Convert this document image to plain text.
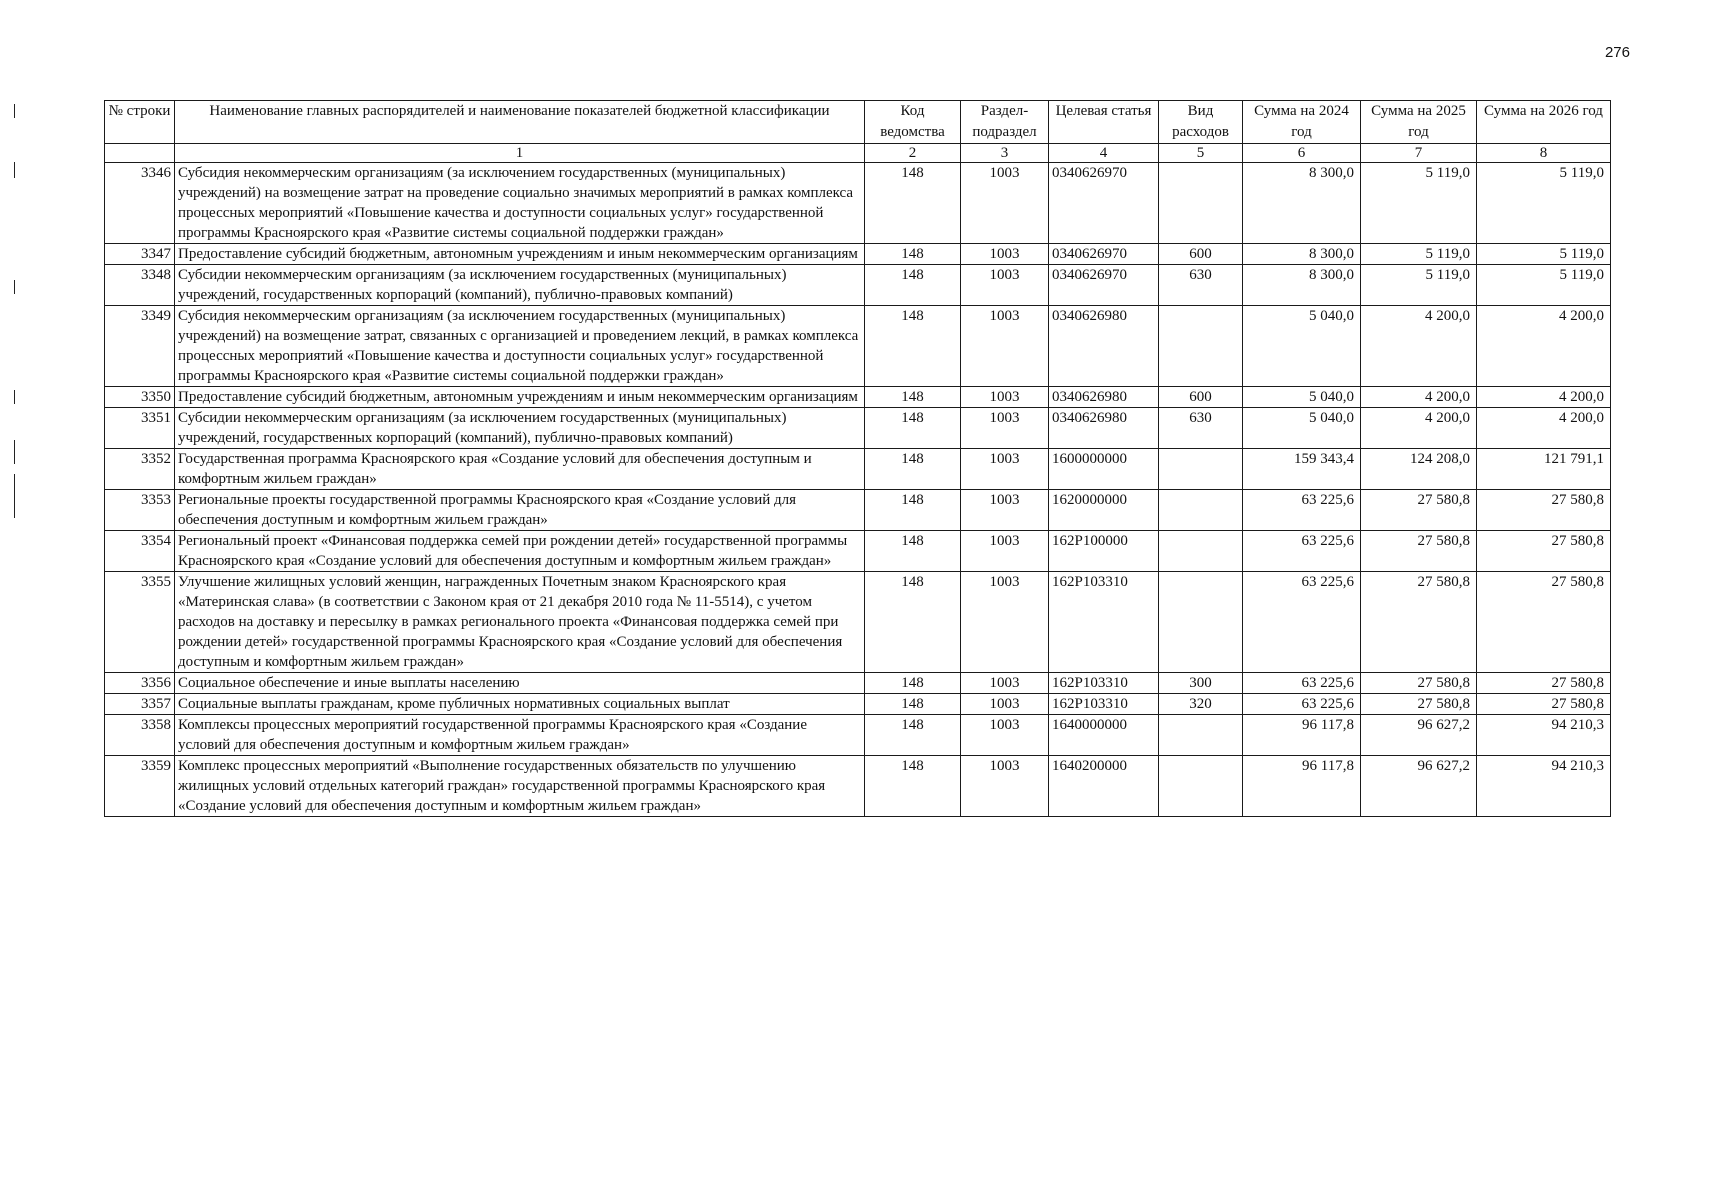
276
№ строки	Наименование главных распорядителей и наименование показателей бюджетной классификации	Код ведомства	Раздел-подраздел	Целевая статья	Вид расходов	Сумма на 2024 год	Сумма на 2025 год	Сумма на 2026 год
	1	2	3	4	5	6	7	8
3346	Субсидия некоммерческим организациям (за исключением государственных (муниципальных) учреждений) на возмещение затрат на проведение социально значимых мероприятий в рамках комплекса процессных мероприятий «Повышение качества и доступности социальных услуг» государственной программы Красноярского края «Развитие системы социальной поддержки граждан»	148	1003	0340626970		8 300,0	5 119,0	5 119,0
3347	Предоставление субсидий бюджетным, автономным учреждениям и иным некоммерческим организациям	148	1003	0340626970	600	8 300,0	5 119,0	5 119,0
3348	Субсидии некоммерческим организациям (за исключением государственных (муниципальных) учреждений, государственных корпораций (компаний), публично-правовых компаний)	148	1003	0340626970	630	8 300,0	5 119,0	5 119,0
3349	Субсидия некоммерческим организациям (за исключением государственных (муниципальных) учреждений) на возмещение затрат, связанных с организацией и проведением лекций, в рамках комплекса процессных мероприятий «Повышение качества и доступности социальных услуг» государственной программы Красноярского края «Развитие системы социальной поддержки граждан»	148	1003	0340626980		5 040,0	4 200,0	4 200,0
3350	Предоставление субсидий бюджетным, автономным учреждениям и иным некоммерческим организациям	148	1003	0340626980	600	5 040,0	4 200,0	4 200,0
3351	Субсидии некоммерческим организациям (за исключением государственных (муниципальных) учреждений, государственных корпораций (компаний), публично-правовых компаний)	148	1003	0340626980	630	5 040,0	4 200,0	4 200,0
3352	Государственная программа Красноярского края «Создание условий для обеспечения доступным и комфортным жильем граждан»	148	1003	1600000000		159 343,4	124 208,0	121 791,1
3353	Региональные проекты государственной программы Красноярского края «Создание условий для обеспечения доступным и комфортным жильем граждан»	148	1003	1620000000		63 225,6	27 580,8	27 580,8
3354	Региональный проект «Финансовая поддержка семей при рождении детей» государственной программы Красноярского края «Создание условий для обеспечения доступным и комфортным жильем граждан»	148	1003	162P100000		63 225,6	27 580,8	27 580,8
3355	Улучшение жилищных условий женщин, награжденных Почетным знаком Красноярского края «Материнская слава» (в соответствии с Законом края от 21 декабря 2010 года № 11-5514), с учетом расходов на доставку и пересылку в рамках регионального проекта «Финансовая поддержка семей при рождении детей» государственной программы Красноярского края «Создание условий для обеспечения доступным и комфортным жильем граждан»	148	1003	162P103310		63 225,6	27 580,8	27 580,8
3356	Социальное обеспечение и иные выплаты населению	148	1003	162P103310	300	63 225,6	27 580,8	27 580,8
3357	Социальные выплаты гражданам, кроме публичных нормативных социальных выплат	148	1003	162P103310	320	63 225,6	27 580,8	27 580,8
3358	Комплексы процессных мероприятий государственной программы Красноярского края «Создание условий для обеспечения доступным и комфортным жильем граждан»	148	1003	1640000000		96 117,8	96 627,2	94 210,3
3359	Комплекс процессных мероприятий «Выполнение государственных обязательств по улучшению жилищных условий отдельных категорий граждан» государственной программы Красноярского края «Создание условий для обеспечения доступным и комфортным жильем граждан»	148	1003	1640200000		96 117,8	96 627,2	94 210,3
